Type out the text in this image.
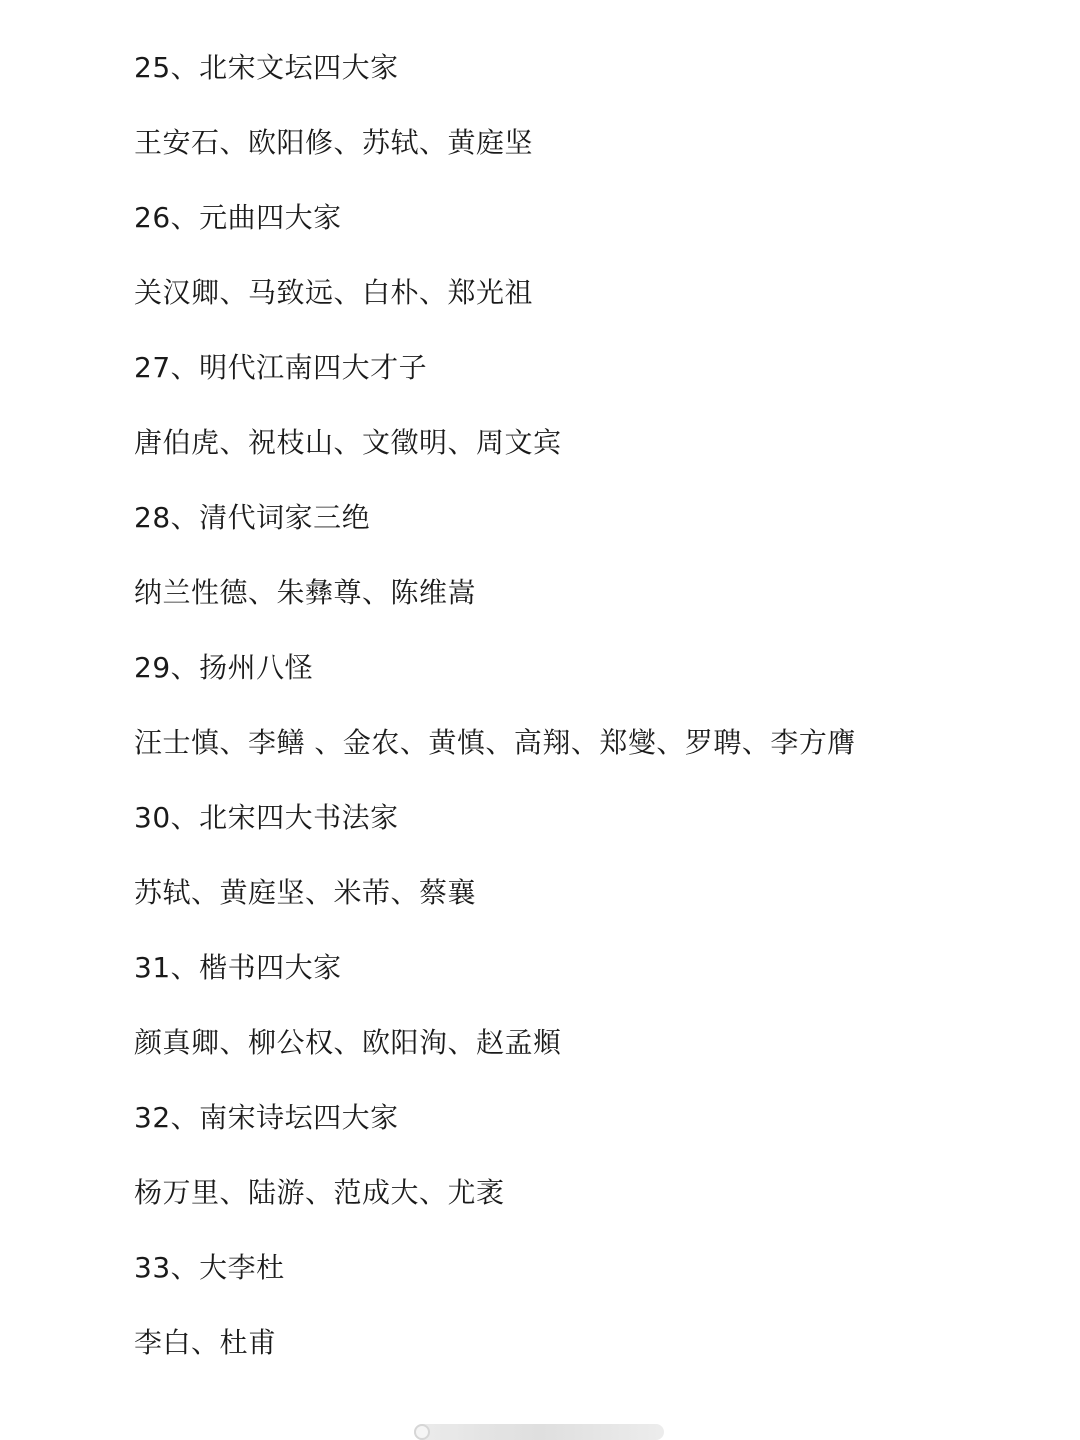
25、北宋文坛四大家
王安石、欧阳修、苏轼、黄庭坚
26、元曲四大家
关汉卿、马致远、白朴、郑光祖
27、明代江南四大才子
唐伯虎、祝枝山、文徵明、周文宾
28、清代词家三绝
纳兰性德、朱彝尊、陈维嵩
29、扬州八怪
汪士慎、李鳝 、金农、黄慎、高翔、郑燮、罗聘、李方膺
30、北宋四大书法家
苏轼、黄庭坚、米芾、蔡襄
31、楷书四大家
颜真卿、柳公权、欧阳洵、赵孟頫
32、南宋诗坛四大家
杨万里、陆游、范成大、尤袤
33、大李杜
李白、杜甫
